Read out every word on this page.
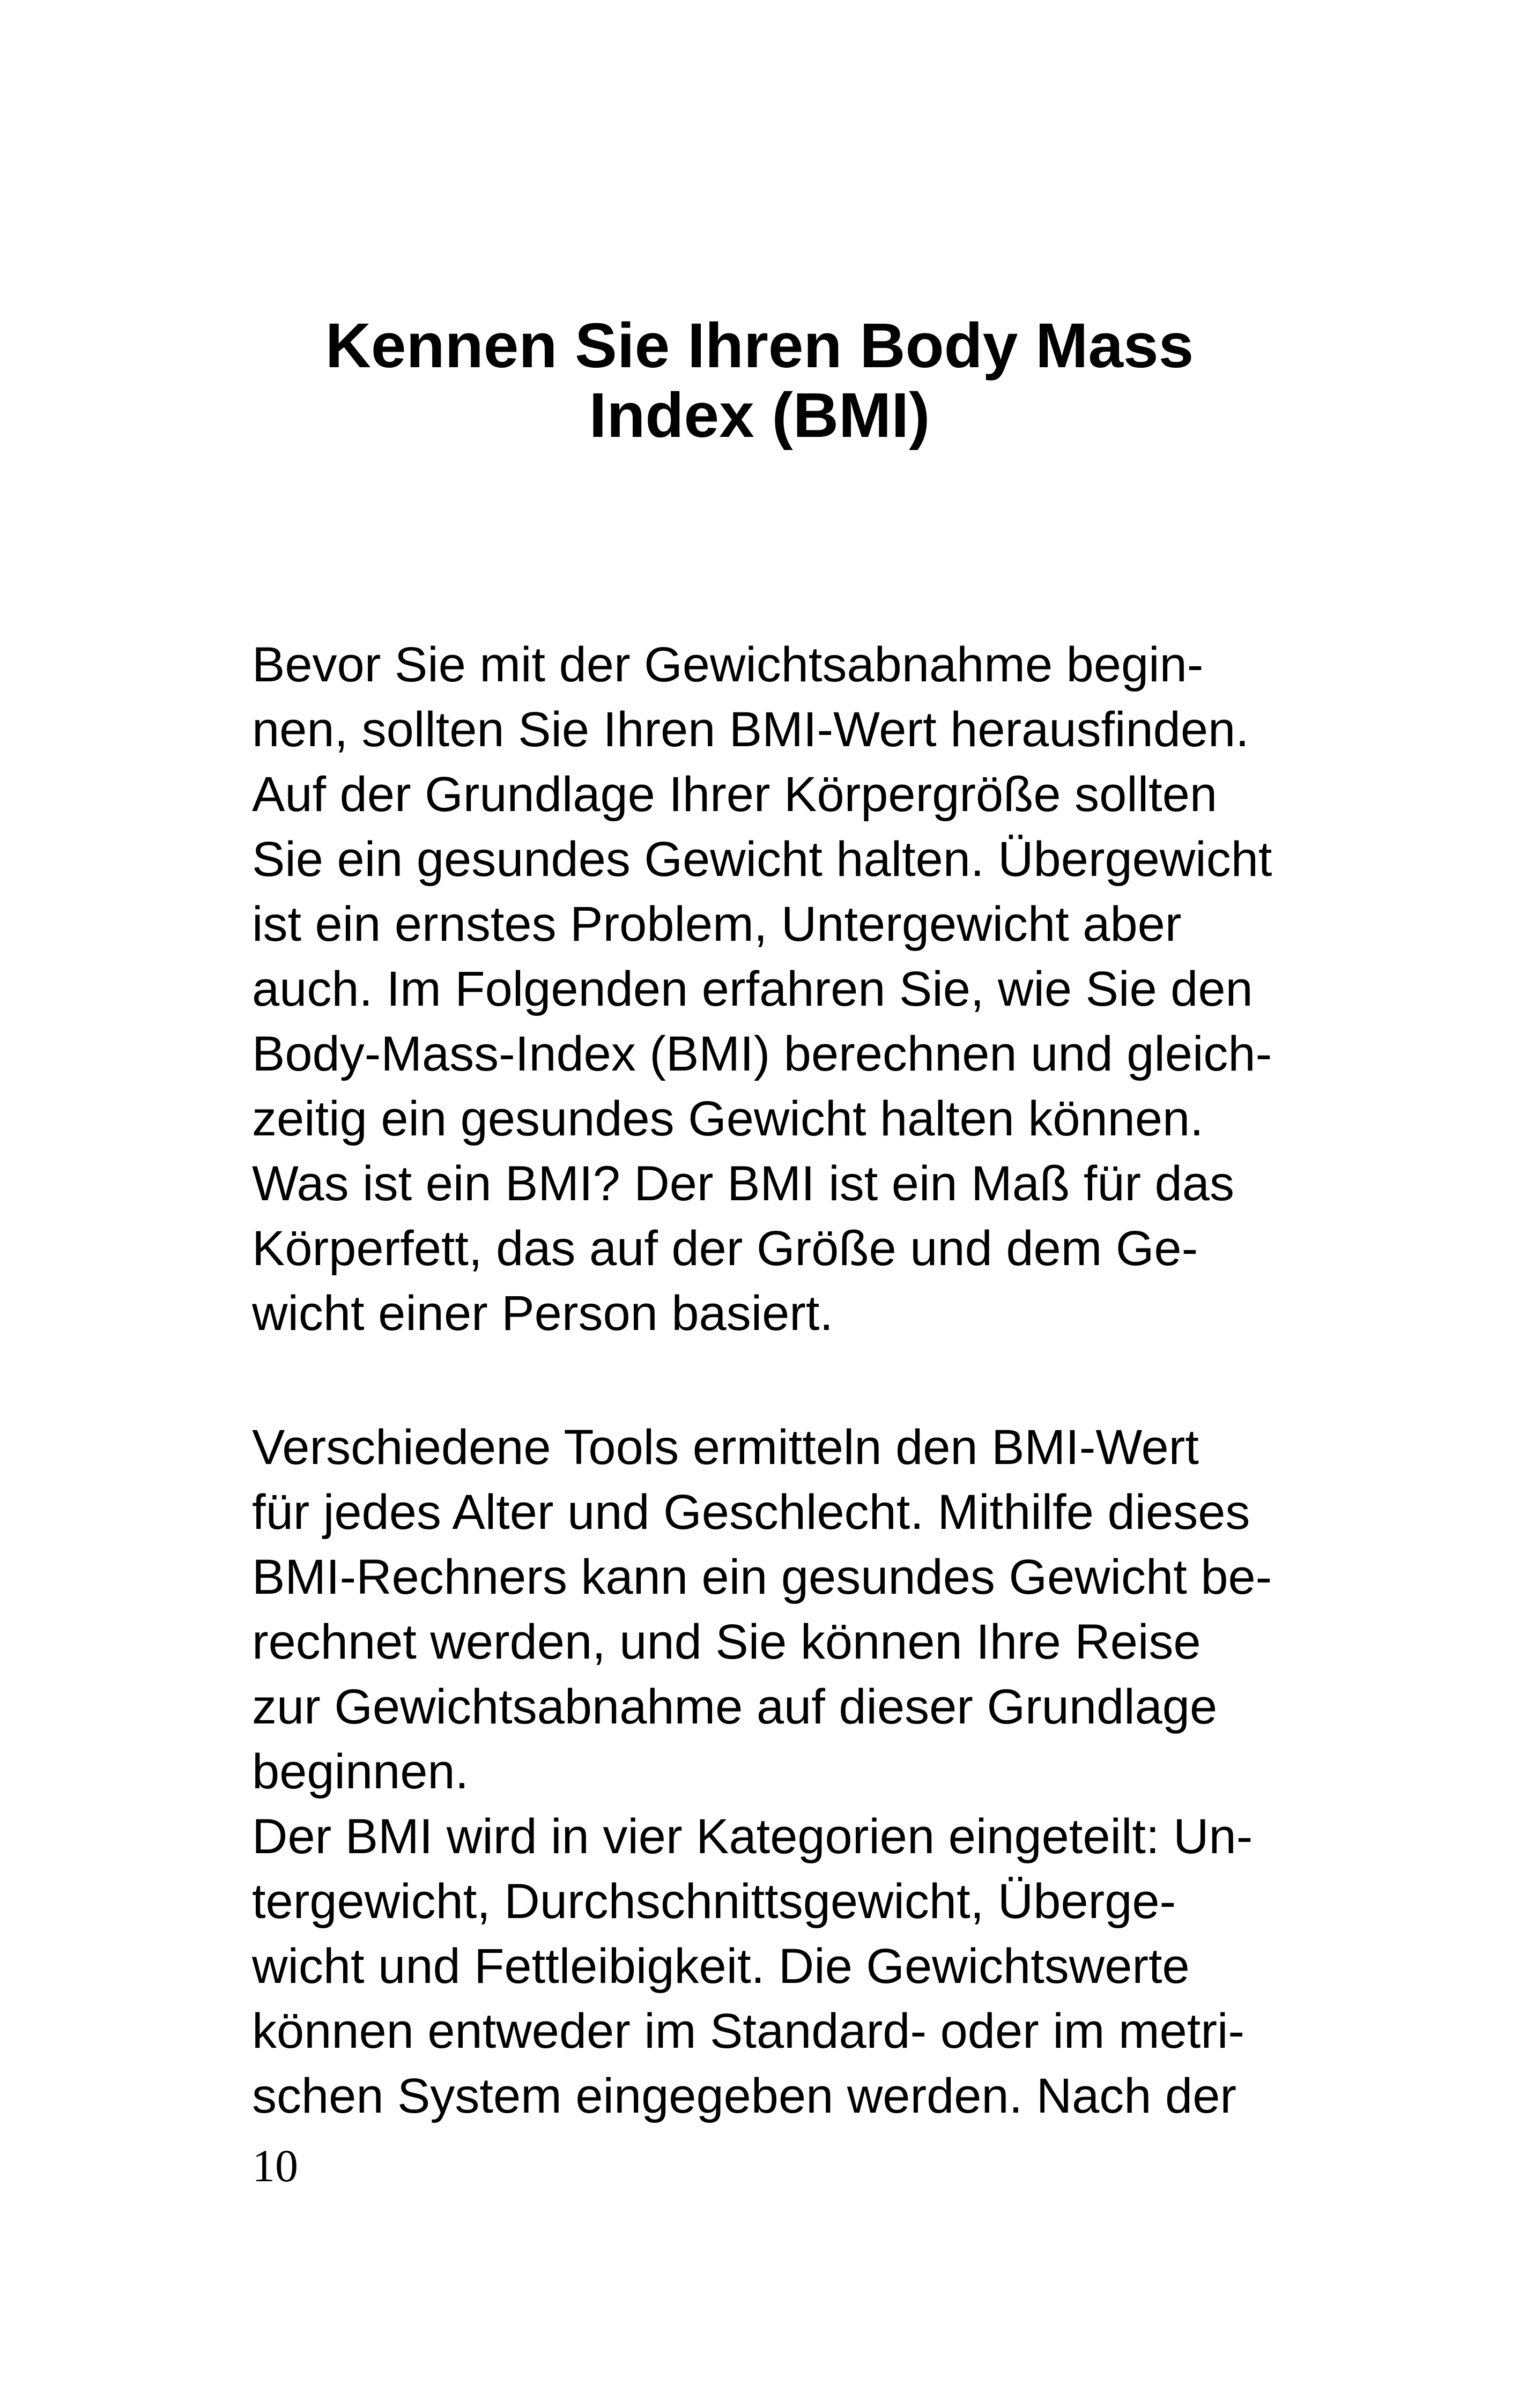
Kennen Sie Ihren Body Mass
Index (BMI)
Bevor Sie mit der Gewichtsabnahme begin-
nen, sollten Sie Ihren BMI-Wert herausfinden.
Auf der Grundlage Ihrer Körpergröße sollten
Sie ein gesundes Gewicht halten. Übergewicht
ist ein ernstes Problem, Untergewicht aber
auch. Im Folgenden erfahren Sie, wie Sie den
Body-Mass-Index (BMI) berechnen und gleich-
zeitig ein gesundes Gewicht halten können.
Was ist ein BMI? Der BMI ist ein Maß für das
Körperfett, das auf der Größe und dem Ge-
wicht einer Person basiert.
Verschiedene Tools ermitteln den BMI-Wert
für jedes Alter und Geschlecht. Mithilfe dieses
BMI-Rechners kann ein gesundes Gewicht be-
rechnet werden, und Sie können Ihre Reise
zur Gewichtsabnahme auf dieser Grundlage
beginnen.
Der BMI wird in vier Kategorien eingeteilt: Un-
tergewicht, Durchschnittsgewicht, Überge-
wicht und Fettleibigkeit. Die Gewichtswerte
können entweder im Standard- oder im metri-
schen System eingegeben werden. Nach der
10
